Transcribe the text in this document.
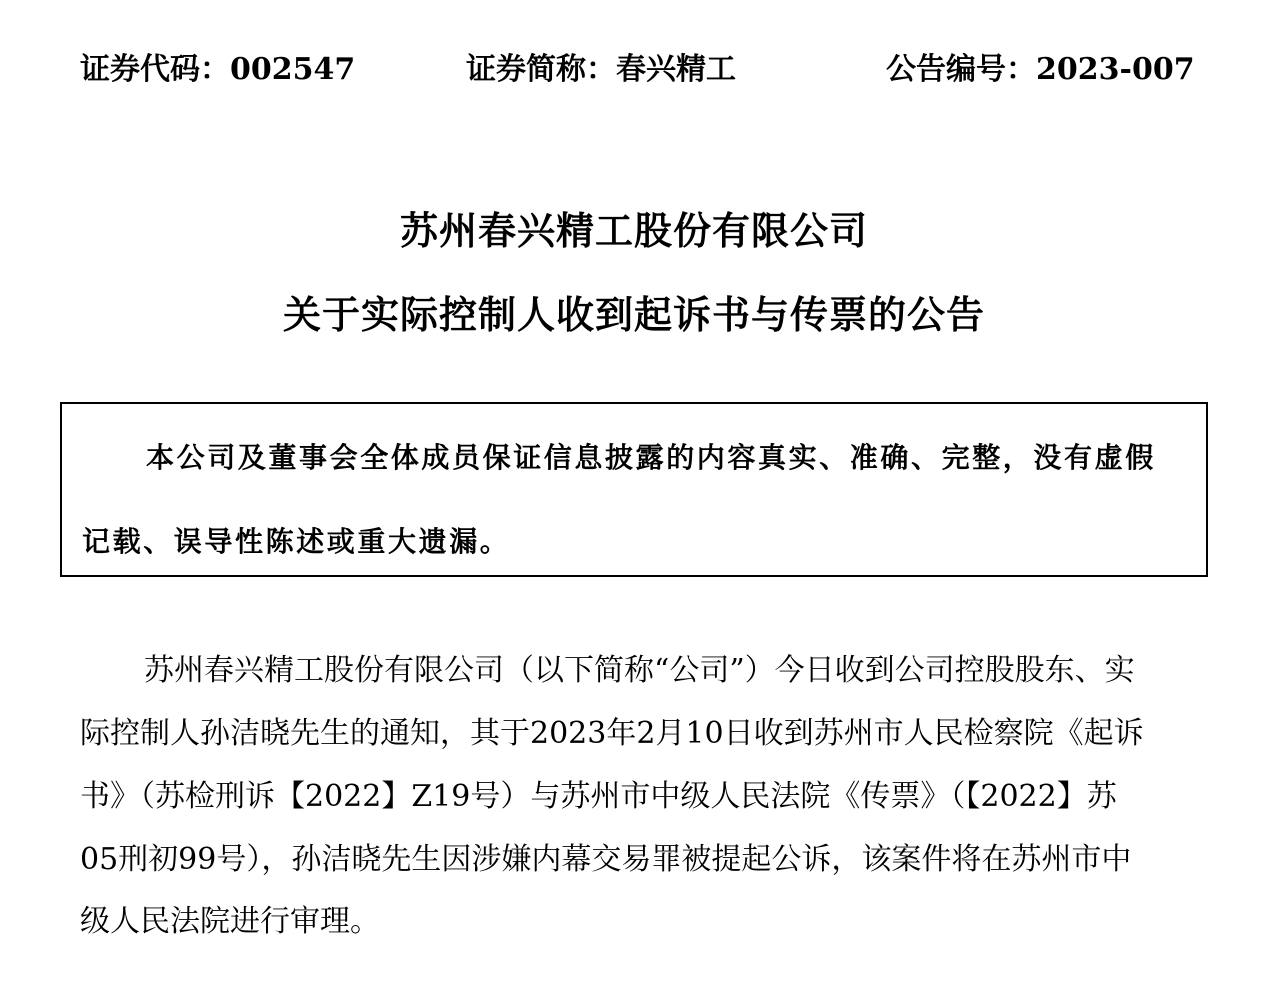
证券代码：002547	证券简称：春兴精工	公告编号：2023-007
苏州春兴精工股份有限公司
关于实际控制人收到起诉书与传票的公告
本公司及董事会全体成员保证信息披露的内容真实、准确、完整，没有虚假
记载、误导性陈述或重大遗漏。
苏州春兴精工股份有限公司（以下简称“公司”）今日收到公司控股股东、实
际控制人孙洁晓先生的通知，其于2023年2月10日收到苏州市人民检察院《起诉
书》（苏检刑诉【2022】Z19号）与苏州市中级人民法院《传票》（【2022】苏
05刑初99号），孙洁晓先生因涉嫌内幕交易罪被提起公诉，该案件将在苏州市中
级人民法院进行审理。
